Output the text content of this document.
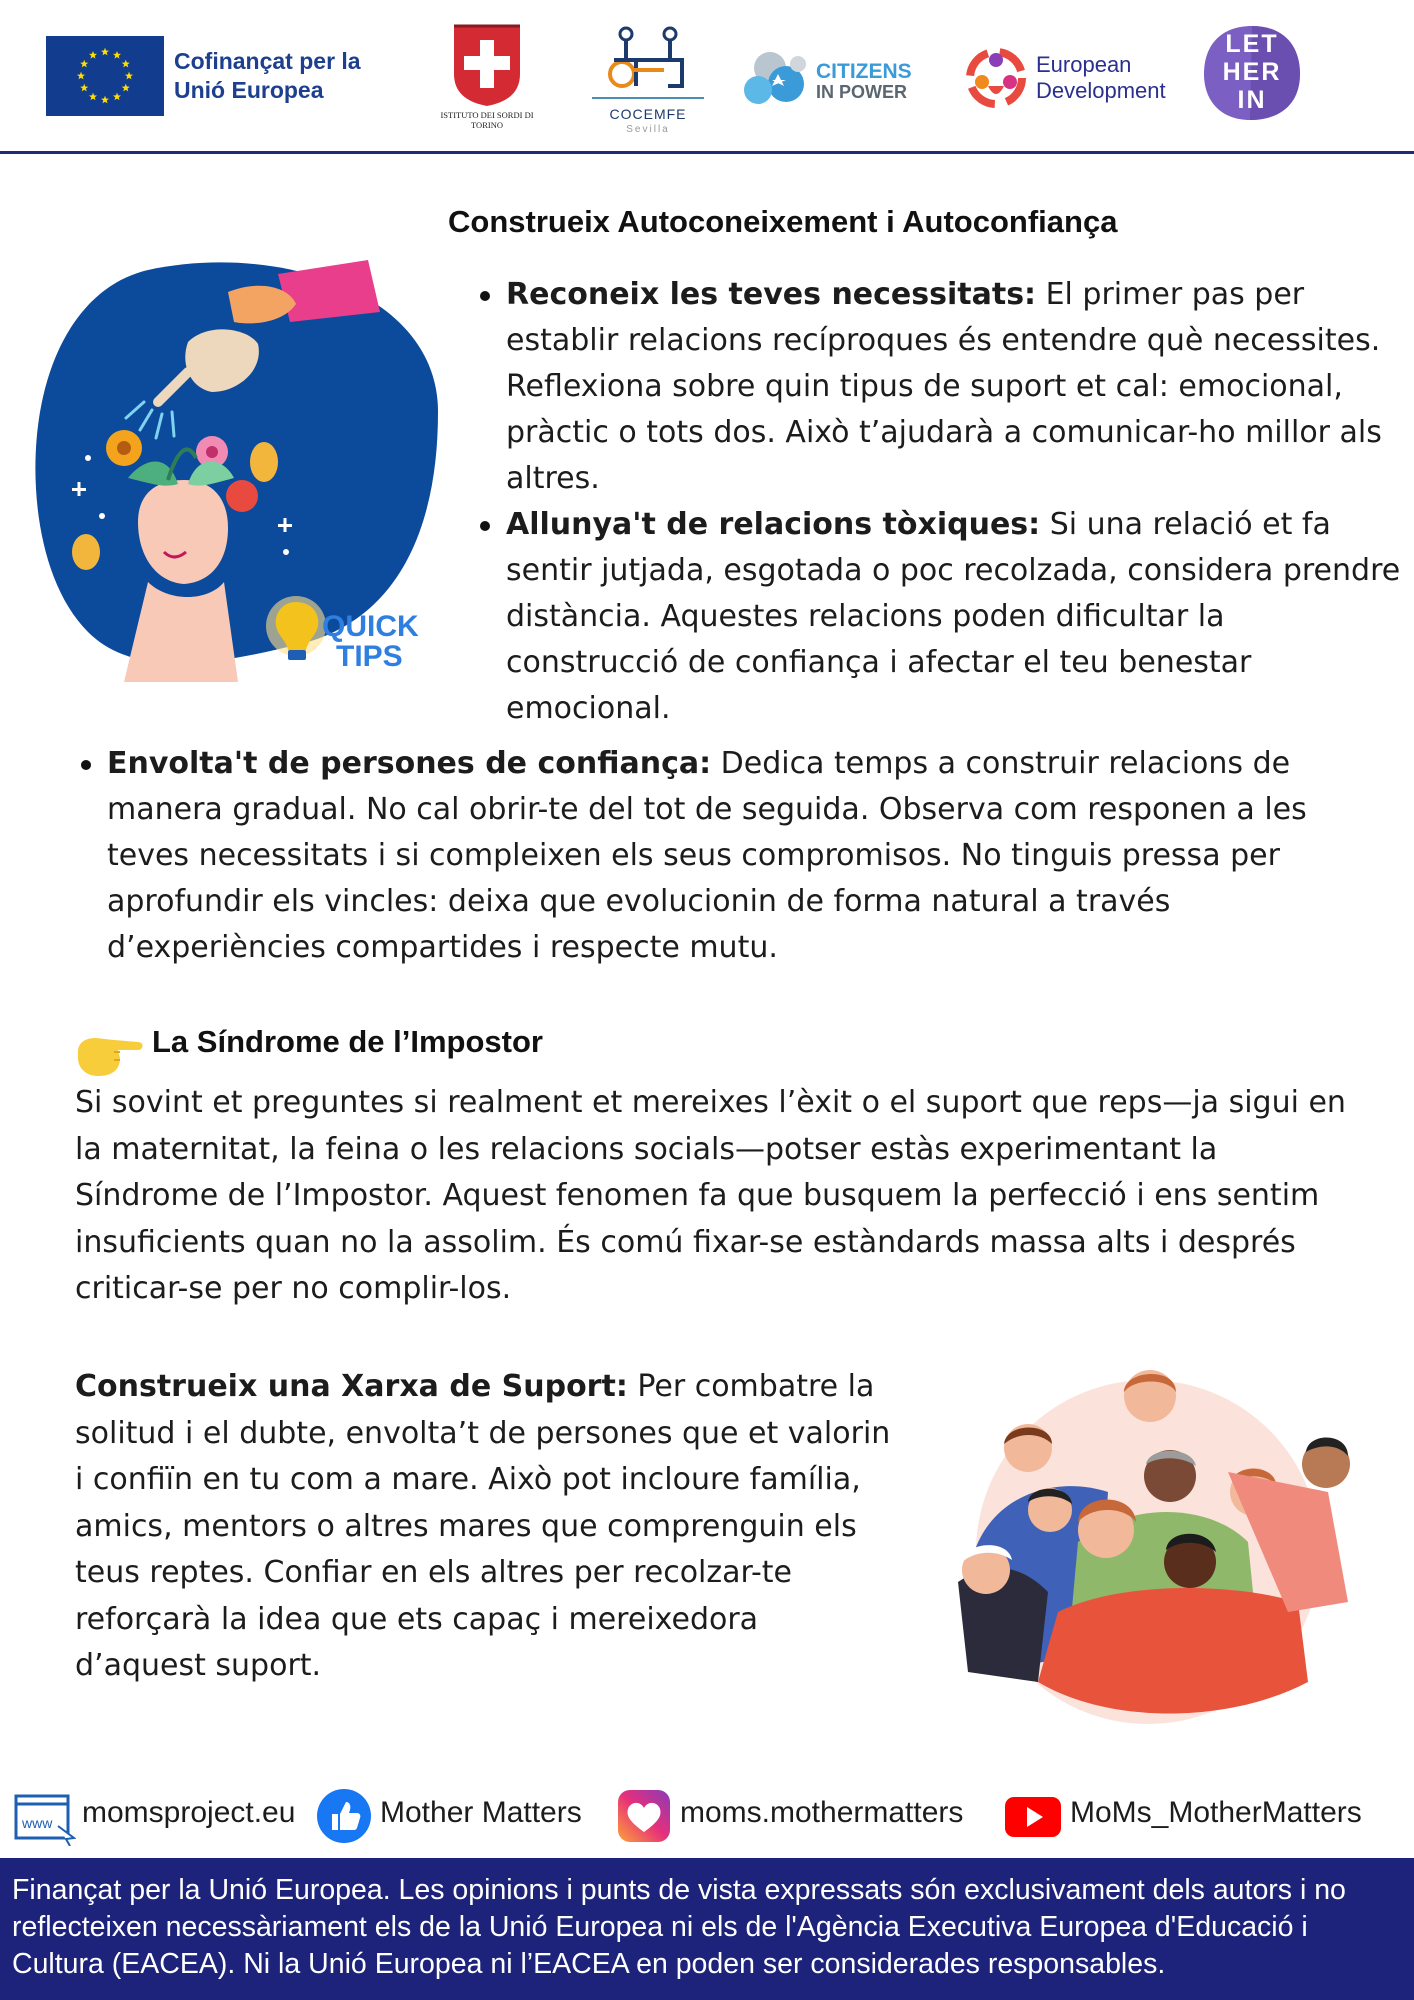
Cofinançat per la Unió Europea
ISTITUTO DEI SORDI DI TORINO
COCEMFE
Sevilla
CITIZENS
IN POWER
European
Development
LET
HER
IN
QUICK
TIPS
Construeix Autoconeixement i Autoconfiança
Reconeix les teves necessitats: El primer pas per establir relacions recíproques és entendre què necessites. Reflexiona sobre quin tipus de suport et cal: emocional, pràctic o tots dos. Això t’ajudarà a comunicar-ho millor als altres.
Allunya't de relacions tòxiques: Si una relació et fa sentir jutjada, esgotada o poc recolzada, considera prendre distància. Aquestes relacions poden dificultar la construcció de confiança i afectar el teu benestar emocional.
Envolta't de persones de confiança: Dedica temps a construir relacions de manera gradual. No cal obrir-te del tot de seguida. Observa com responen a les teves necessitats i si compleixen els seus compromisos. No tinguis pressa per aprofundir els vincles: deixa que evolucionin de forma natural a través d’experiències compartides i respecte mutu.
La Síndrome de l’Impostor

Si sovint et preguntes si realment et mereixes l’èxit o el suport que reps—ja sigui en la maternitat, la feina o les relacions socials—potser estàs experimentant la Síndrome de l’Impostor. Aquest fenomen fa que busquem la perfecció i ens sentim insuficients quan no la assolim. És comú fixar-se estàndards massa alts i després criticar-se per no complir-los.

Construeix una Xarxa de Suport: Per combatre la solitud i el dubte, envolta’t de persones que et valorin i confiïn en tu com a mare. Això pot incloure família, amics, mentors o altres mares que comprenguin els teus reptes. Confiar en els altres per recolzar-te reforçarà la idea que ets capaç i mereixedora d’aquest suport.

www momsproject.eu	Mother Matters	moms.mothermatters	MoMs_MotherMatters
Finançat per la Unió Europea. Les opinions i punts de vista expressats són exclusivament dels autors i no reflecteixen necessàriament els de la Unió Europea ni els de l'Agència Executiva Europea d'Educació i Cultura (EACEA). Ni la Unió Europea ni l’EACEA en poden ser considerades responsables.
